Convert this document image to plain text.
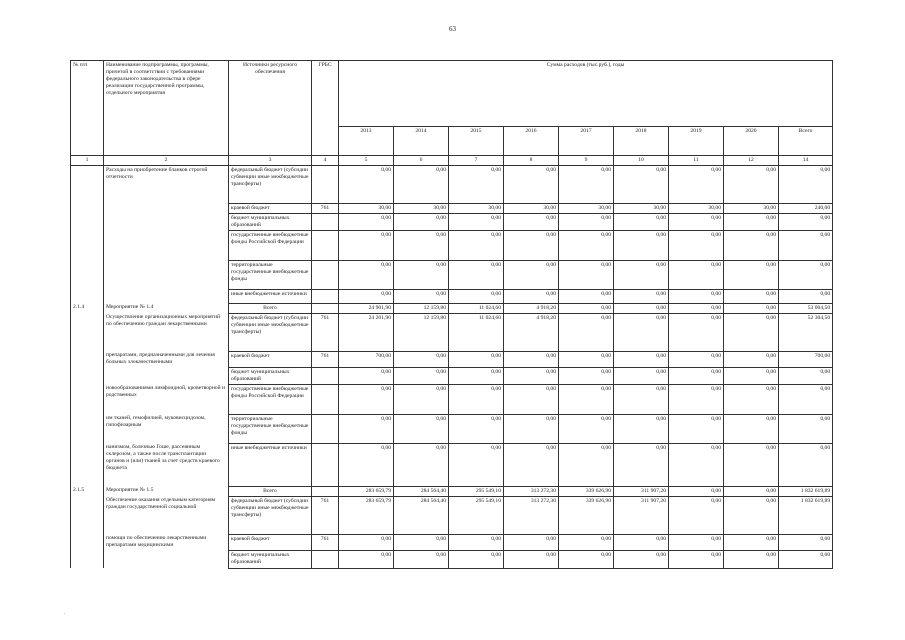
63
№ п/п	Наименование подпрограммы, программы, причетой в соответствии с требованиями федерального законодательства в сфере реализации государственной программы, отдельного мероприятия	Источники ресурсного обеспечения	ГРБС	Сумма расходов (тыс.руб.), годы								
				2013	2014	2015	2016	2017	2018	2019	2020	Всего
1	2	3	4	5	6	7	8	9	10	11	12	14
	Расходы на приобретение бланков строгой отчетности	федеральный бюджет (субсидии субвенции иные межбюджетные трансферты)		0,00	0,00	0,00	0,00	0,00	0,00	0,00	0,00	0,00
		краевой бюджет	761	30,00	30,00	30,00	30,00	30,00	30,00	30,00	30,00	240,00
		бюджет муниципальных образований		0,00	0,00	0,00	0,00	0,00	0,00	0,00	0,00	0,00
		государственные внебюджетные фонды Российской Федерации		0,00	0,00	0,00	0,00	0,00	0,00	0,00	0,00	0,00
		территориальные государственные внебюджетные фонды		0,00	0,00	0,00	0,00	0,00	0,00	0,00	0,00	0,00
		иные внебюджетные источники		0,00	0,00	0,00	0,00	0,00	0,00	0,00	0,00	0,00
2.1.4	Мероприятие № 1.4	Всего		24 901,90	12 159,80	11 024,60	4 918,20	0,00	0,00	0,00	0,00	53 004,50
	Осуществление организационных мероприятий по обеспечению граждан лекарственными	федеральный бюджет (субсидии субвенции иные межбюджетные трансферты)	761	24 201,90	12 159,80	11 024,60	4 918,20	0,00	0,00	0,00	0,00	52 304,50
	препаратами, предназначенными для лечения больных злокачественными	краевой бюджет	761	700,00	0,00	0,00	0,00	0,00	0,00	0,00	0,00	700,00
		бюджет муниципальных образований		0,00	0,00	0,00	0,00	0,00	0,00	0,00	0,00	0,00
	новообразованиями лимфоидной, кроветворной и родственных	государственные внебюджетные фонды Российской Федерации		0,00	0,00	0,00	0,00	0,00	0,00	0,00	0,00	0,00
	им тканей, гемофилией, муковисцидозом, гипофизарным	территориальные государственные внебюджетные фонды		0,00	0,00	0,00	0,00	0,00	0,00	0,00	0,00	0,00
	нанизмом, болезнью Гоше, рассеянным склерозом, а также после трансплантации органов и (или) тканей за счет средств краевого бюджета	иные внебюджетные источники		0,00	0,00	0,00	0,00	0,00	0,00	0,00	0,00	0,00
2.1.5	Мероприятие № 1.5	Всего		283 659,79	284 564,40	295 549,10	313 272,30	339 626,90	311 907,20	0,00	0,00	1 832 619,89
	Обеспечение оказания отдельным категориям граждан государственной социальной	федеральный бюджет (субсидии субвенции иные межбюджетные трансферты)	761	283 659,79	284 564,40	295 549,10	313 272,30	339 626,90	311 907,20	0,00	0,00	1 832 619,89
	помощи по обеспечению лекарственными препаратами медицинскими	краевой бюджет	761	0,00	0,00	0,00	0,00	0,00	0,00	0,00	0,00	0,00
		бюджет муниципальных образований		0,00	0,00	0,00	0,00	0,00	0,00	0,00	0,00	0,00
.
